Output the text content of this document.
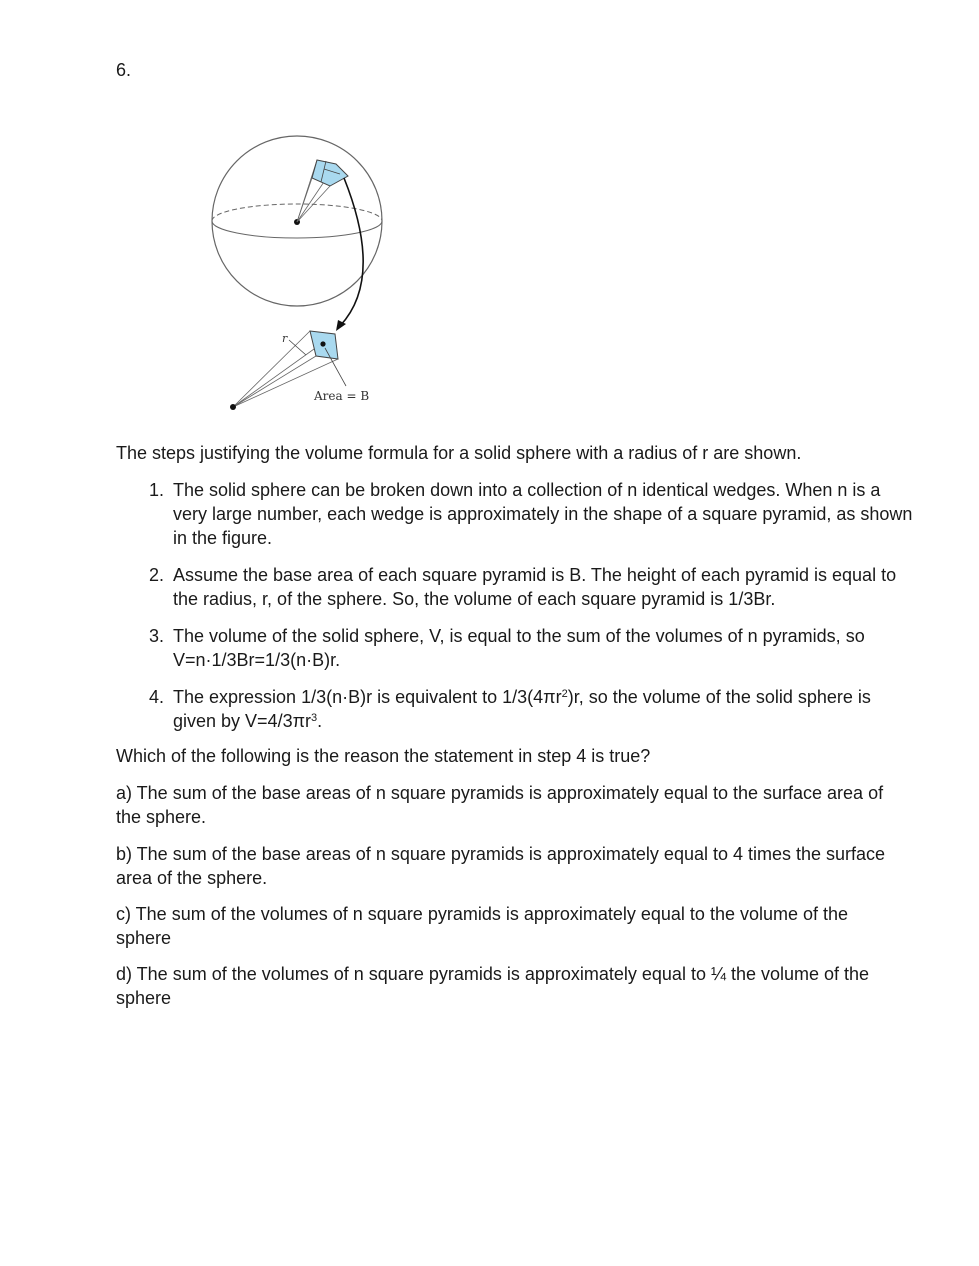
6.
r
Area = B

The steps justifying the volume formula for a solid sphere with a radius of r are shown.

1. The solid sphere can be broken down into a collection of n identical wedges. When n is a very large number, each wedge is approximately in the shape of a square pyramid, as shown in the figure.
2. Assume the base area of each square pyramid is B. The height of each pyramid is equal to the radius, r, of the sphere. So, the volume of each square pyramid is 1/3Br.
3. The volume of the solid sphere, V, is equal to the sum of the volumes of n pyramids, so V=n·1/3Br=1/3(n·B)r.
4. The expression 1/3(n·B)r is equivalent to $1/3(4\pi r^2)r$, so the volume of the solid sphere is given by $V=4/3\pi r^3$.

Which of the following is the reason the statement in step 4 is true?

a) The sum of the base areas of n square pyramids is approximately equal to the surface area of the sphere.

b) The sum of the base areas of n square pyramids is approximately equal to 4 times the surface area of the sphere.

c) The sum of the volumes of n square pyramids is approximately equal to the volume of the sphere

d) The sum of the volumes of n square pyramids is approximately equal to ¼ the volume of the sphere
